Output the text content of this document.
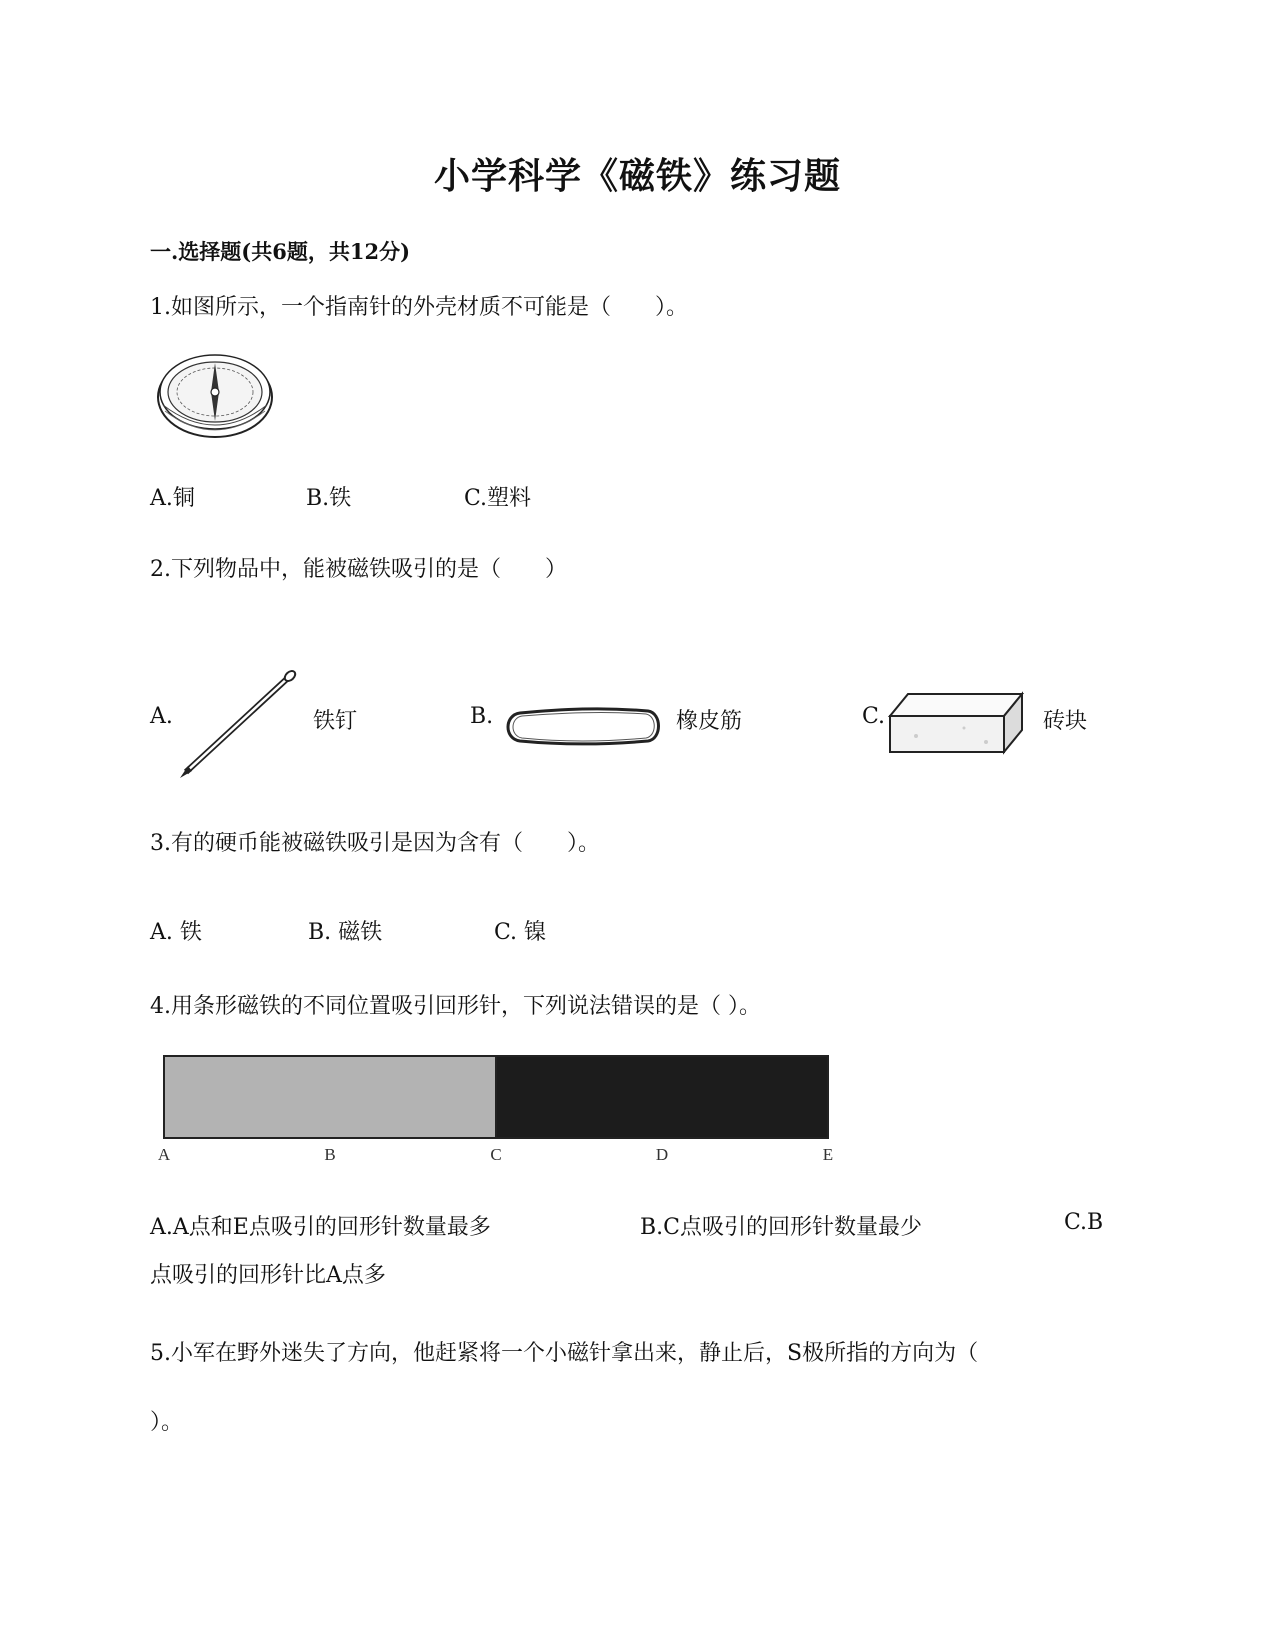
小学科学《磁铁》练习题
一.选择题(共6题，共12分)
1.如图所示，一个指南针的外壳材质不可能是（　　）。
A.铜	B.铁	C.塑料
2.下列物品中，能被磁铁吸引的是（　　）
A.	铁钉	B.	橡皮筋	C.	砖块
3.有的硬币能被磁铁吸引是因为含有（　　）。
A. 铁	B. 磁铁	C. 镍
4.用条形磁铁的不同位置吸引回形针，下列说法错误的是（ ）。
A	B	C	D	E
A.A点和E点吸引的回形针数量最多	B.C点吸引的回形针数量最少	C.B
点吸引的回形针比A点多
5.小军在野外迷失了方向，他赶紧将一个小磁针拿出来，静止后，S极所指的方向为（
）。
